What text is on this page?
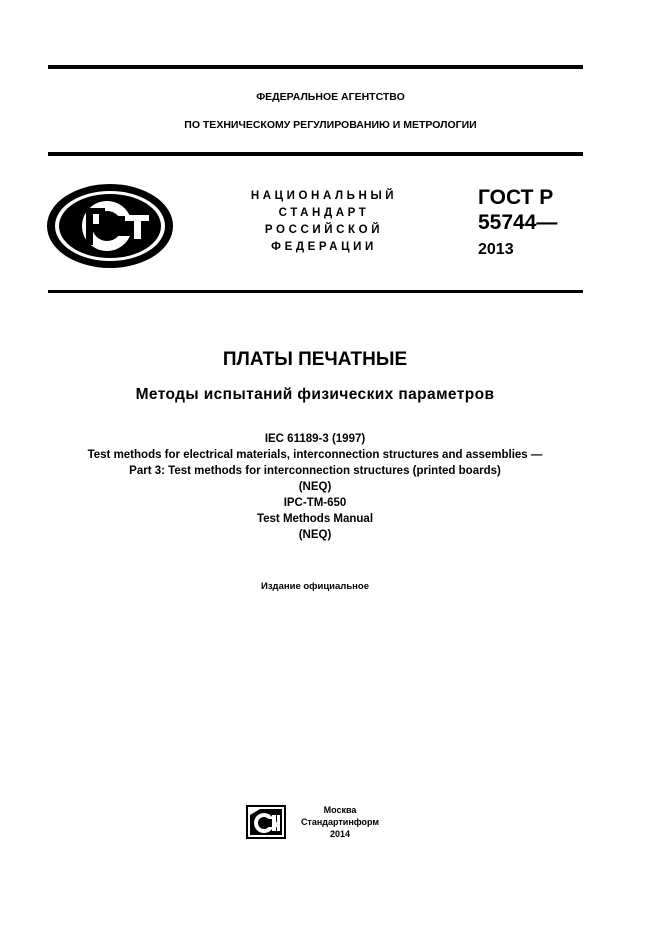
ФЕДЕРАЛЬНОЕ АГЕНТСТВО
ПО ТЕХНИЧЕСКОМУ РЕГУЛИРОВАНИЮ И МЕТРОЛОГИИ
НАЦИОНАЛЬНЫЙ
СТАНДАРТ
РОССИЙСКОЙ
ФЕДЕРАЦИИ
ГОСТ Р
55744—
2013
ПЛАТЫ ПЕЧАТНЫЕ
Методы испытаний физических параметров
IEC 61189-3 (1997)
Test methods for electrical materials, interconnection structures and assemblies —
Part 3: Test methods for interconnection structures (printed boards)
(NEQ)
IPC-TM-650
Test Methods Manual
(NEQ)
Издание официальное
Москва
Стандартинформ
2014
